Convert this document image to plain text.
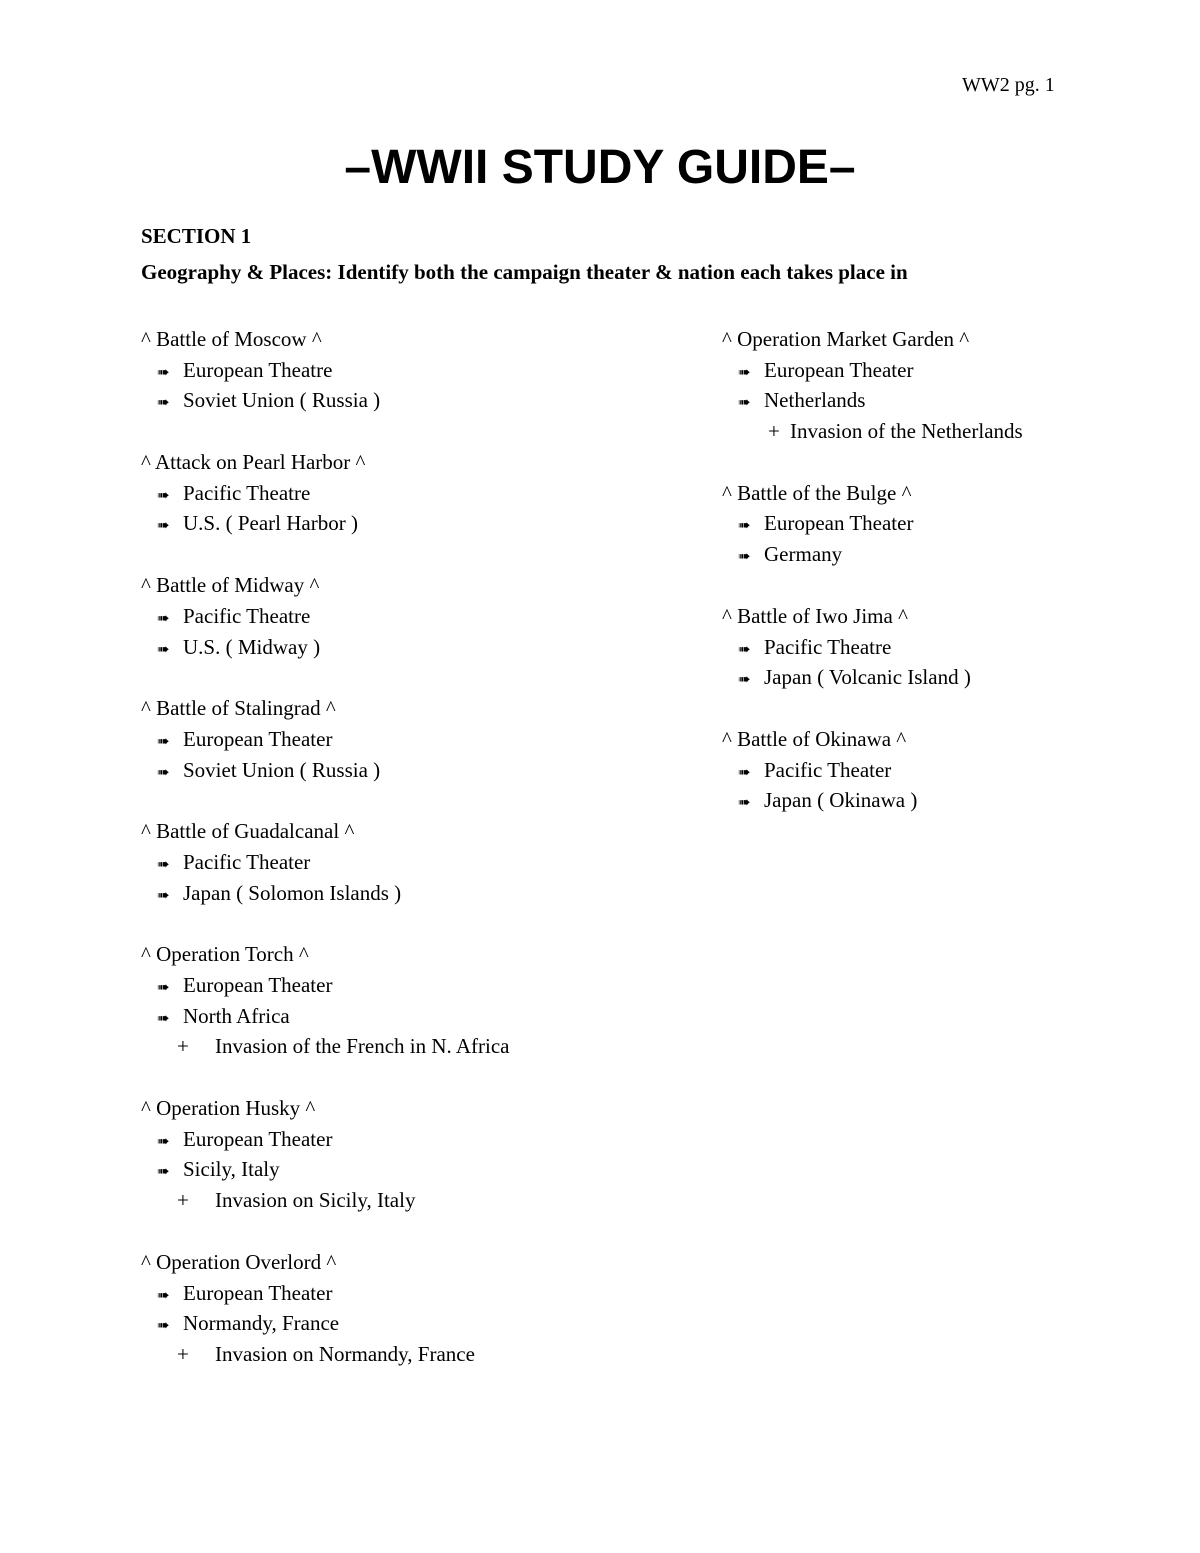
WW2 pg. 1
–WWII STUDY GUIDE–
SECTION 1
Geography & Places: Identify both the campaign theater & nation each takes place in
^ Battle of Moscow ^
➠ European Theatre
➠ Soviet Union ( Russia )
^ Attack on Pearl Harbor ^
➠ Pacific Theatre
➠ U.S. ( Pearl Harbor )
^ Battle of Midway ^
➠ Pacific Theatre
➠ U.S. ( Midway )
^ Battle of Stalingrad ^
➠ European Theater
➠ Soviet Union ( Russia )
^ Battle of Guadalcanal ^
➠ Pacific Theater
➠ Japan ( Solomon Islands )
^ Operation Torch ^
➠ European Theater
➠ North Africa
+ Invasion of the French in N. Africa
^ Operation Husky ^
➠ European Theater
➠ Sicily, Italy
+ Invasion on Sicily, Italy
^ Operation Overlord ^
➠ European Theater
➠ Normandy, France
+ Invasion on Normandy, France
^ Operation Market Garden ^
➠ European Theater
➠ Netherlands
+ Invasion of the Netherlands
^ Battle of the Bulge ^
➠ European Theater
➠ Germany
^ Battle of Iwo Jima ^
➠ Pacific Theatre
➠ Japan ( Volcanic Island )
^ Battle of Okinawa ^
➠ Pacific Theater
➠ Japan ( Okinawa )
